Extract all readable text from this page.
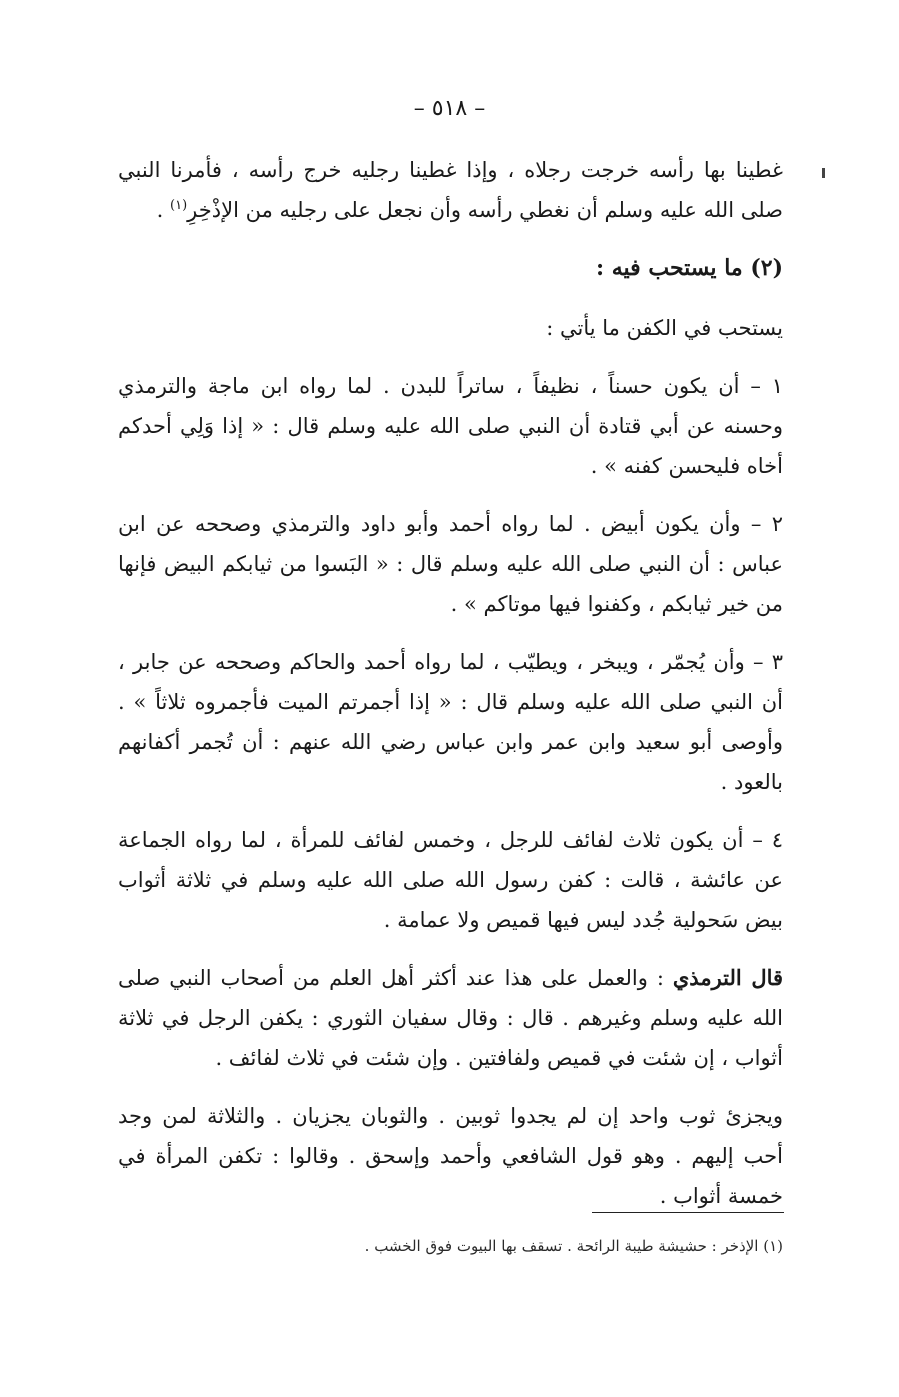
– ٥١٨ –

غطينا بها رأسه خرجت رجلاه ، وإذا غطينا رجليه خرج رأسه ، فأمرنا النبي صلى الله عليه وسلم أن نغطي رأسه وأن نجعل على رجليه من الإذْخِرِ$^{(١)}$ .

(٢) ما يستحب فيه :

يستحب في الكفن ما يأتي :

١ – أن يكون حسناً ، نظيفاً ، ساتراً للبدن . لما رواه ابن ماجة والترمذي وحسنه عن أبي قتادة أن النبي صلى الله عليه وسلم قال : « إذا وَلِي أحدكم أخاه فليحسن كفنه » .

٢ – وأن يكون أبيض . لما رواه أحمد وأبو داود والترمذي وصححه عن ابن عباس : أن النبي صلى الله عليه وسلم قال : « البَسوا من ثيابكم البيض فإنها من خير ثيابكم ، وكفنوا فيها موتاكم » .

٣ – وأن يُجمّر ، ويبخر ، ويطيّب ، لما رواه أحمد والحاكم وصححه عن جابر ، أن النبي صلى الله عليه وسلم قال : « إذا أجمرتم الميت فأجمروه ثلاثاً » . وأوصى أبو سعيد وابن عمر وابن عباس رضي الله عنهم : أن تُجمر أكفانهم بالعود .

٤ – أن يكون ثلاث لفائف للرجل ، وخمس لفائف للمرأة ، لما رواه الجماعة عن عائشة ، قالت : كفن رسول الله صلى الله عليه وسلم في ثلاثة أثواب بيض سَحولية جُدد ليس فيها قميص ولا عمامة .

قال الترمذي : والعمل على هذا عند أكثر أهل العلم من أصحاب النبي صلى الله عليه وسلم وغيرهم . قال : وقال سفيان الثوري : يكفن الرجل في ثلاثة أثواب ، إن شئت في قميص ولفافتين . وإن شئت في ثلاث لفائف .

ويجزئ ثوب واحد إن لم يجدوا ثوبين . والثوبان يجزيان . والثلاثة لمن وجد أحب إليهم . وهو قول الشافعي وأحمد وإسحق . وقالوا : تكفن المرأة في خمسة أثواب .

(١) الإذخر : حشيشة طيبة الرائحة . تسقف بها البيوت فوق الخشب .
